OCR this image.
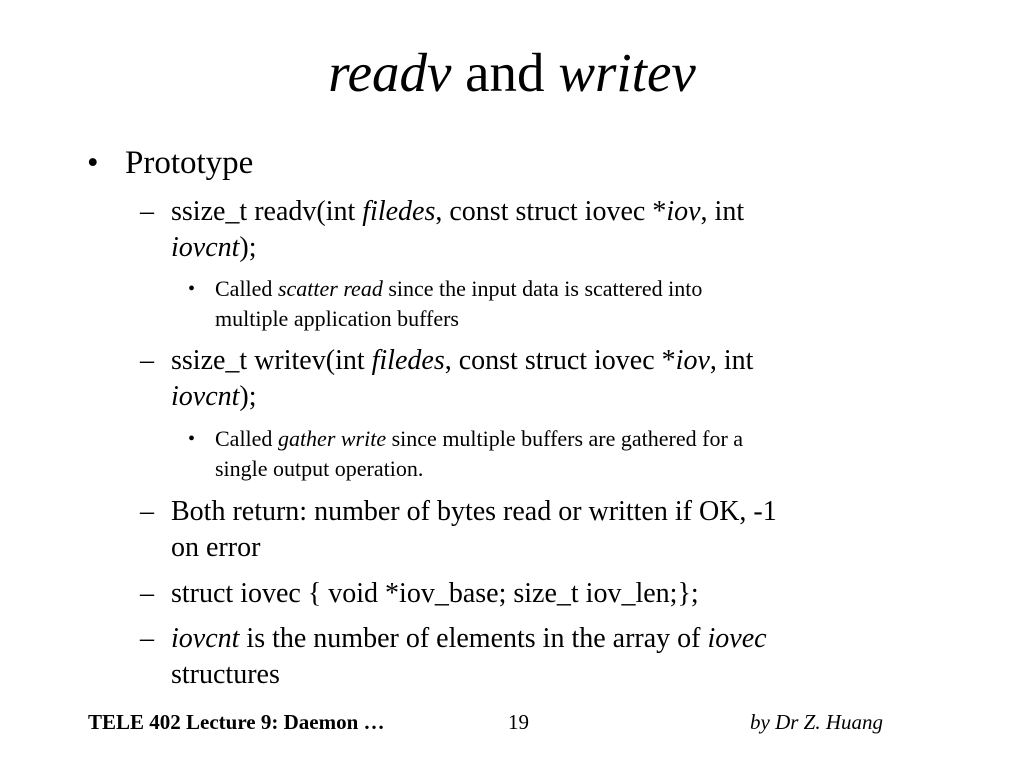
readv and writev
• Prototype
– ssize_t readv(int filedes, const struct iovec *iov, int
iovcnt);
• Called scatter read since the input data is scattered into
multiple application buffers
– ssize_t writev(int filedes, const struct iovec *iov, int
iovcnt);
• Called gather write since multiple buffers are gathered for a
single output operation.
– Both return: number of bytes read or written if OK, -1
on error
– struct iovec { void *iov_base; size_t iov_len;};
– iovcnt is the number of elements in the array of iovec
structures
TELE 402 Lecture 9: Daemon …	19	by Dr Z. Huang
